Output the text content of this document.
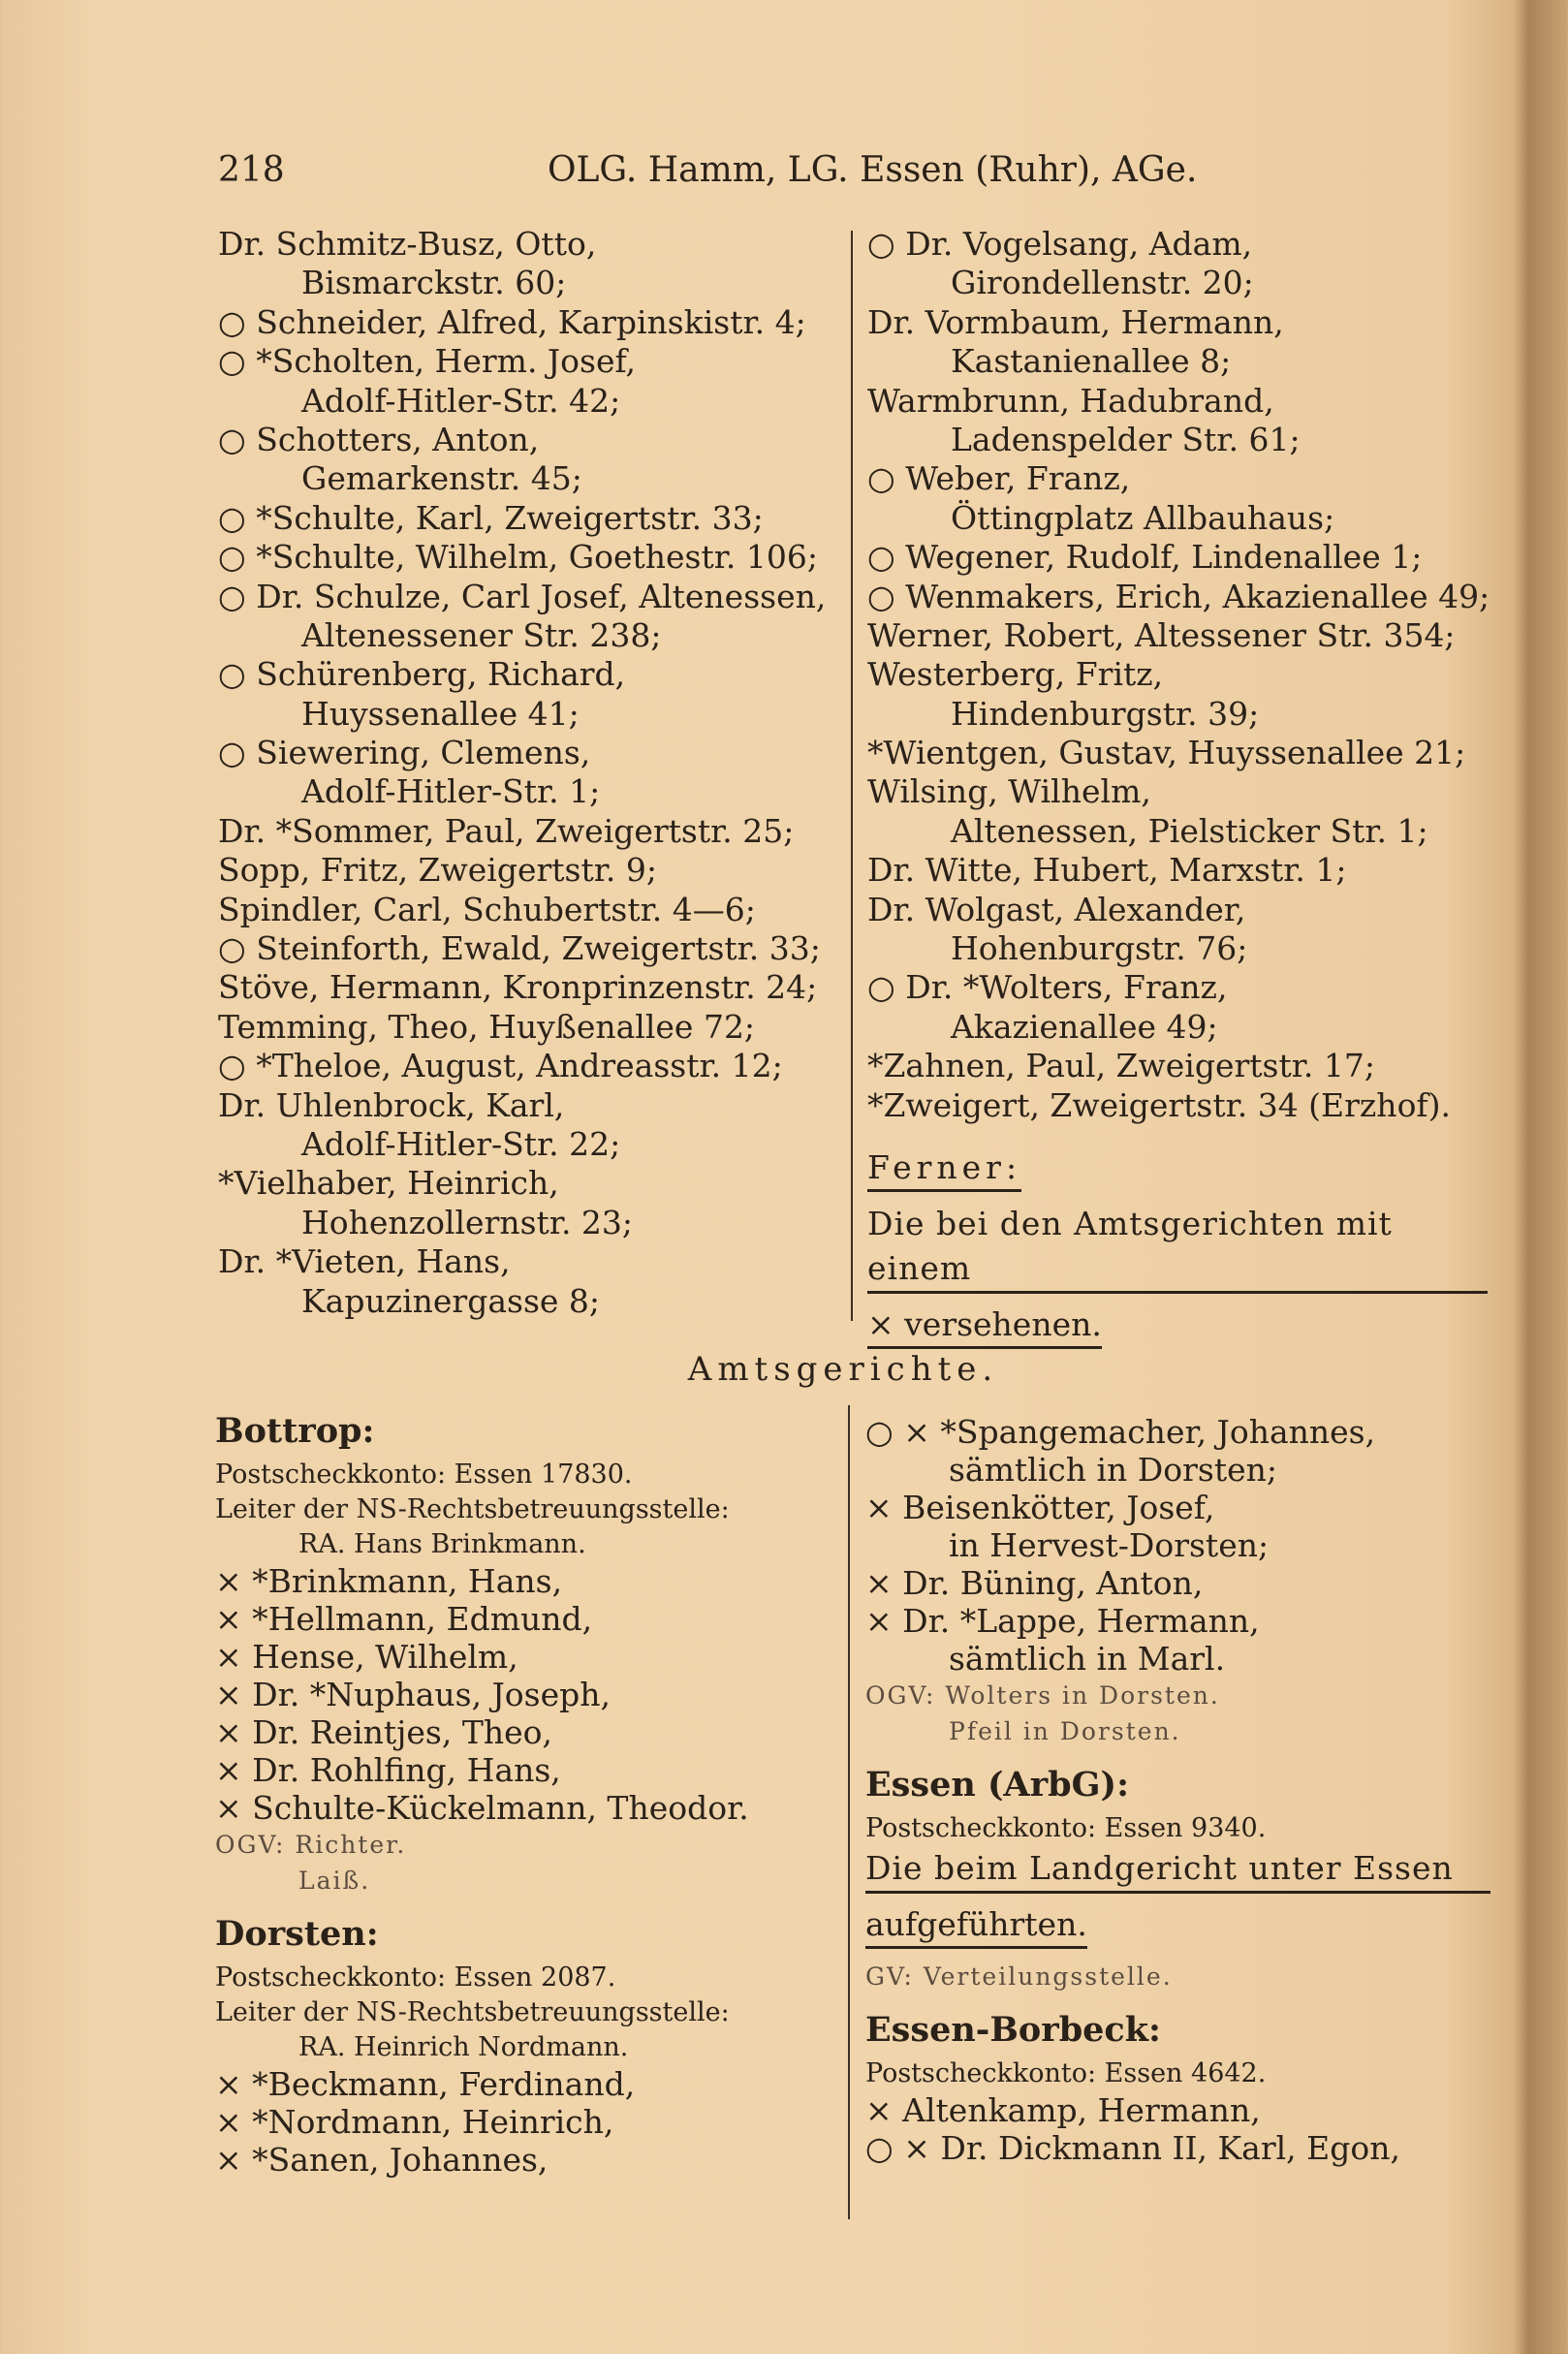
218	OLG. Hamm, LG. Essen (Ruhr), AGe.
Dr. Schmitz-Busz, Otto,
Bismarckstr. 60;
○ Schneider, Alfred, Karpinskistr. 4;
○ *Scholten, Herm. Josef,
Adolf-Hitler-Str. 42;
○ Schotters, Anton,
Gemarkenstr. 45;
○ *Schulte, Karl, Zweigertstr. 33;
○ *Schulte, Wilhelm, Goethestr. 106;
○ Dr. Schulze, Carl Josef, Altenessen,
Altenessener Str. 238;
○ Schürenberg, Richard,
Huyssenallee 41;
○ Siewering, Clemens,
Adolf-Hitler-Str. 1;
Dr. *Sommer, Paul, Zweigertstr. 25;
Sopp, Fritz, Zweigertstr. 9;
Spindler, Carl, Schubertstr. 4—6;
○ Steinforth, Ewald, Zweigertstr. 33;
Stöve, Hermann, Kronprinzenstr. 24;
Temming, Theo, Huyßenallee 72;
○ *Theloe, August, Andreasstr. 12;
Dr. Uhlenbrock, Karl,
Adolf-Hitler-Str. 22;
*Vielhaber, Heinrich,
Hohenzollernstr. 23;
Dr. *Vieten, Hans,
Kapuzinergasse 8;
○ Dr. Vogelsang, Adam,
Girondellenstr. 20;
Dr. Vormbaum, Hermann,
Kastanienallee 8;
Warmbrunn, Hadubrand,
Ladenspelder Str. 61;
○ Weber, Franz,
Öttingplatz Allbauhaus;
○ Wegener, Rudolf, Lindenallee 1;
○ Wenmakers, Erich, Akazienallee 49;
Werner, Robert, Altessener Str. 354;
Westerberg, Fritz,
Hindenburgstr. 39;
*Wientgen, Gustav, Huyssenallee 21;
Wilsing, Wilhelm,
Altenessen, Pielsticker Str. 1;
Dr. Witte, Hubert, Marxstr. 1;
Dr. Wolgast, Alexander,
Hohenburgstr. 76;
○ Dr. *Wolters, Franz,
Akazienallee 49;
*Zahnen, Paul, Zweigertstr. 17;
*Zweigert, Zweigertstr. 34 (Erzhof).
Ferner:
Die bei den Amtsgerichten mit einem
× versehenen.
Amtsgerichte.
Bottrop:
Postscheckkonto: Essen 17830.
Leiter der NS-Rechtsbetreuungsstelle:
RA. Hans Brinkmann.
× *Brinkmann, Hans,
× *Hellmann, Edmund,
× Hense, Wilhelm,
× Dr. *Nuphaus, Joseph,
× Dr. Reintjes, Theo,
× Dr. Rohlfing, Hans,
× Schulte-Kückelmann, Theodor.
OGV: Richter.
Laiß.
Dorsten:
Postscheckkonto: Essen 2087.
Leiter der NS-Rechtsbetreuungsstelle:
RA. Heinrich Nordmann.
× *Beckmann, Ferdinand,
× *Nordmann, Heinrich,
× *Sanen, Johannes,
○ × *Spangemacher, Johannes,
sämtlich in Dorsten;
× Beisenkötter, Josef,
in Hervest-Dorsten;
× Dr. Büning, Anton,
× Dr. *Lappe, Hermann,
sämtlich in Marl.
OGV: Wolters in Dorsten.
Pfeil in Dorsten.
Essen (ArbG):
Postscheckkonto: Essen 9340.
Die beim Landgericht unter Essen
aufgeführten.
GV: Verteilungsstelle.
Essen-Borbeck:
Postscheckkonto: Essen 4642.
× Altenkamp, Hermann,
○ × Dr. Dickmann II, Karl, Egon,
